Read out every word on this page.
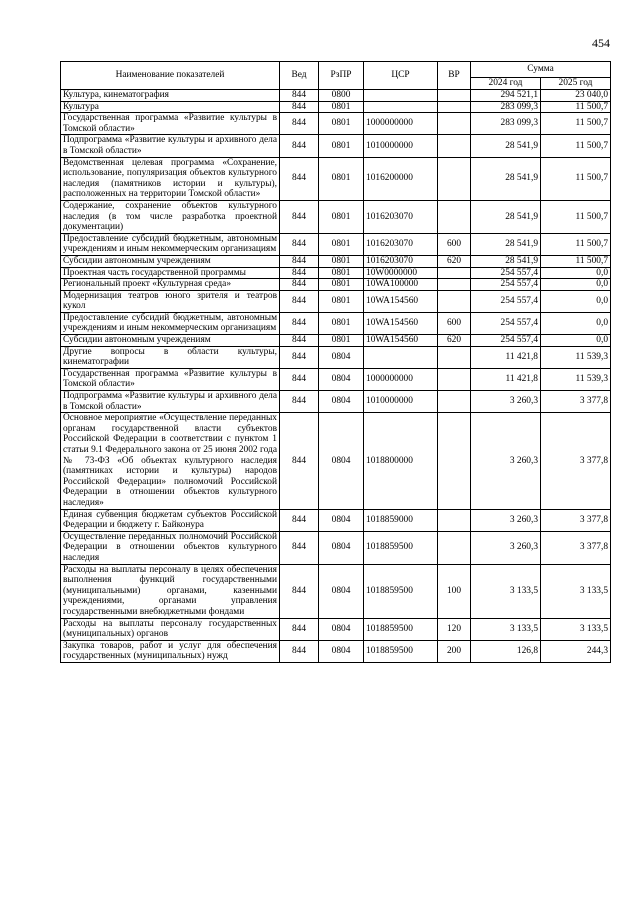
454
Наименование показателей	Вед	РзПР	ЦСР	ВР	Сумма	
					2024 год	2025 год
Культура, кинематография	844	0800			294 521,1	23 040,0
Культура	844	0801			283 099,3	11 500,7
Государственная программа «Развитие культуры в Томской области»	844	0801	1000000000		283 099,3	11 500,7
Подпрограмма «Развитие культуры и архивного дела в Томской области»	844	0801	1010000000		28 541,9	11 500,7
Ведомственная целевая программа «Сохранение, использование, популяризация объектов культурного наследия (памятников истории и культуры), расположенных на территории Томской области»	844	0801	1016200000		28 541,9	11 500,7
Содержание, сохранение объектов культурного наследия (в том числе разработка проектной документации)	844	0801	1016203070		28 541,9	11 500,7
Предоставление субсидий бюджетным, автономным учреждениям и иным некоммерческим организациям	844	0801	1016203070	600	28 541,9	11 500,7
Субсидии автономным учреждениям	844	0801	1016203070	620	28 541,9	11 500,7
Проектная часть государственной программы	844	0801	10W0000000		254 557,4	0,0
Региональный проект «Культурная среда»	844	0801	10WA100000		254 557,4	0,0
Модернизация театров юного зрителя и театров кукол	844	0801	10WA154560		254 557,4	0,0
Предоставление субсидий бюджетным, автономным учреждениям и иным некоммерческим организациям	844	0801	10WA154560	600	254 557,4	0,0
Субсидии автономным учреждениям	844	0801	10WA154560	620	254 557,4	0,0
Другие вопросы в области культуры, кинематографии	844	0804			11 421,8	11 539,3
Государственная программа «Развитие культуры в Томской области»	844	0804	1000000000		11 421,8	11 539,3
Подпрограмма «Развитие культуры и архивного дела в Томской области»	844	0804	1010000000		3 260,3	3 377,8
Основное мероприятие «Осуществление переданных органам государственной власти субъектов Российской Федерации в соответствии с пунктом 1 статьи 9.1 Федерального закона от 25 июня 2002 года № 73-ФЗ «Об объектах культурного наследия (памятниках истории и культуры) народов Российской Федерации» полномочий Российской Федерации в отношении объектов культурного наследия»	844	0804	1018800000		3 260,3	3 377,8
Единая субвенция бюджетам субъектов Российской Федерации и бюджету г. Байконура	844	0804	1018859000		3 260,3	3 377,8
Осуществление переданных полномочий Российской Федерации в отношении объектов культурного наследия	844	0804	1018859500		3 260,3	3 377,8
Расходы на выплаты персоналу в целях обеспечения выполнения функций государственными (муниципальными) органами, казенными учреждениями, органами управления государственными внебюджетными фондами	844	0804	1018859500	100	3 133,5	3 133,5
Расходы на выплаты персоналу государственных (муниципальных) органов	844	0804	1018859500	120	3 133,5	3 133,5
Закупка товаров, работ и услуг для обеспечения государственных (муниципальных) нужд	844	0804	1018859500	200	126,8	244,3
